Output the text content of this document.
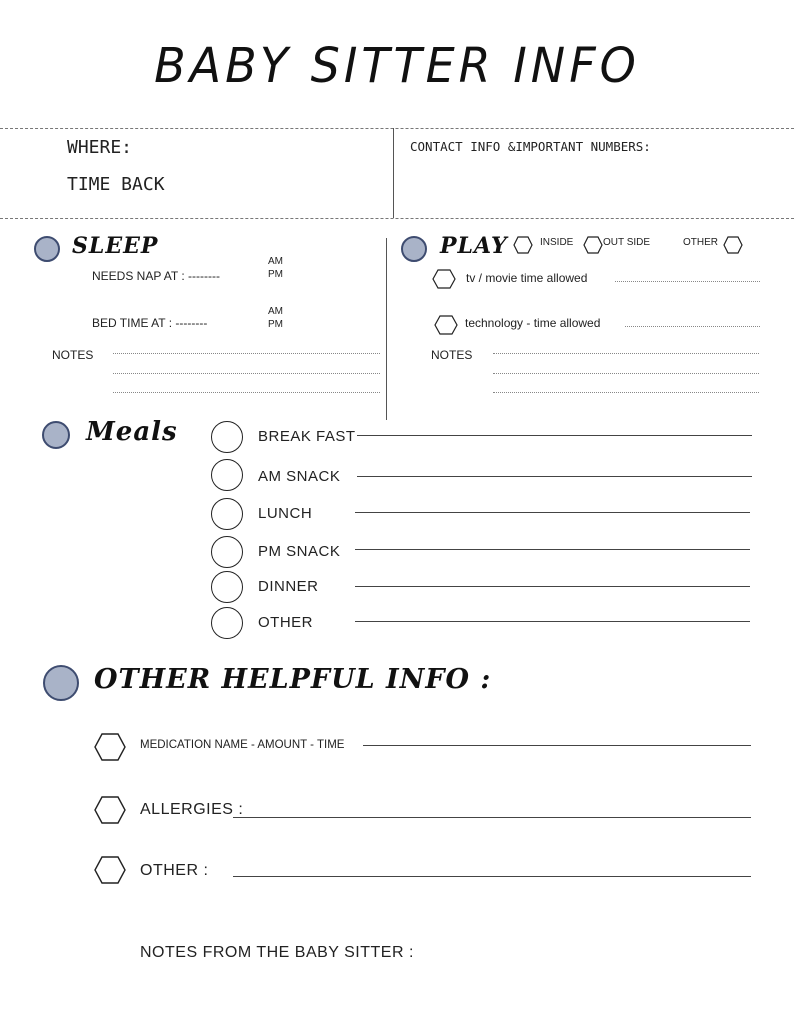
BABY SITTER INFO
WHERE:
TIME BACK
CONTACT INFO &IMPORTANT NUMBERS:
SLEEP
AM
PM
NEEDS NAP AT : --------
AM
PM
BED TIME AT : --------
NOTES
PLAY	INSIDE	OUT SIDE	OTHER
tv / movie time allowed
technology - time allowed
NOTES
Meals	BREAK FAST
AM SNACK
LUNCH
PM SNACK
DINNER
OTHER
OTHER HELPFUL INFO :
MEDICATION NAME - AMOUNT - TIME
ALLERGIES :
OTHER :
NOTES FROM THE BABY SITTER :
